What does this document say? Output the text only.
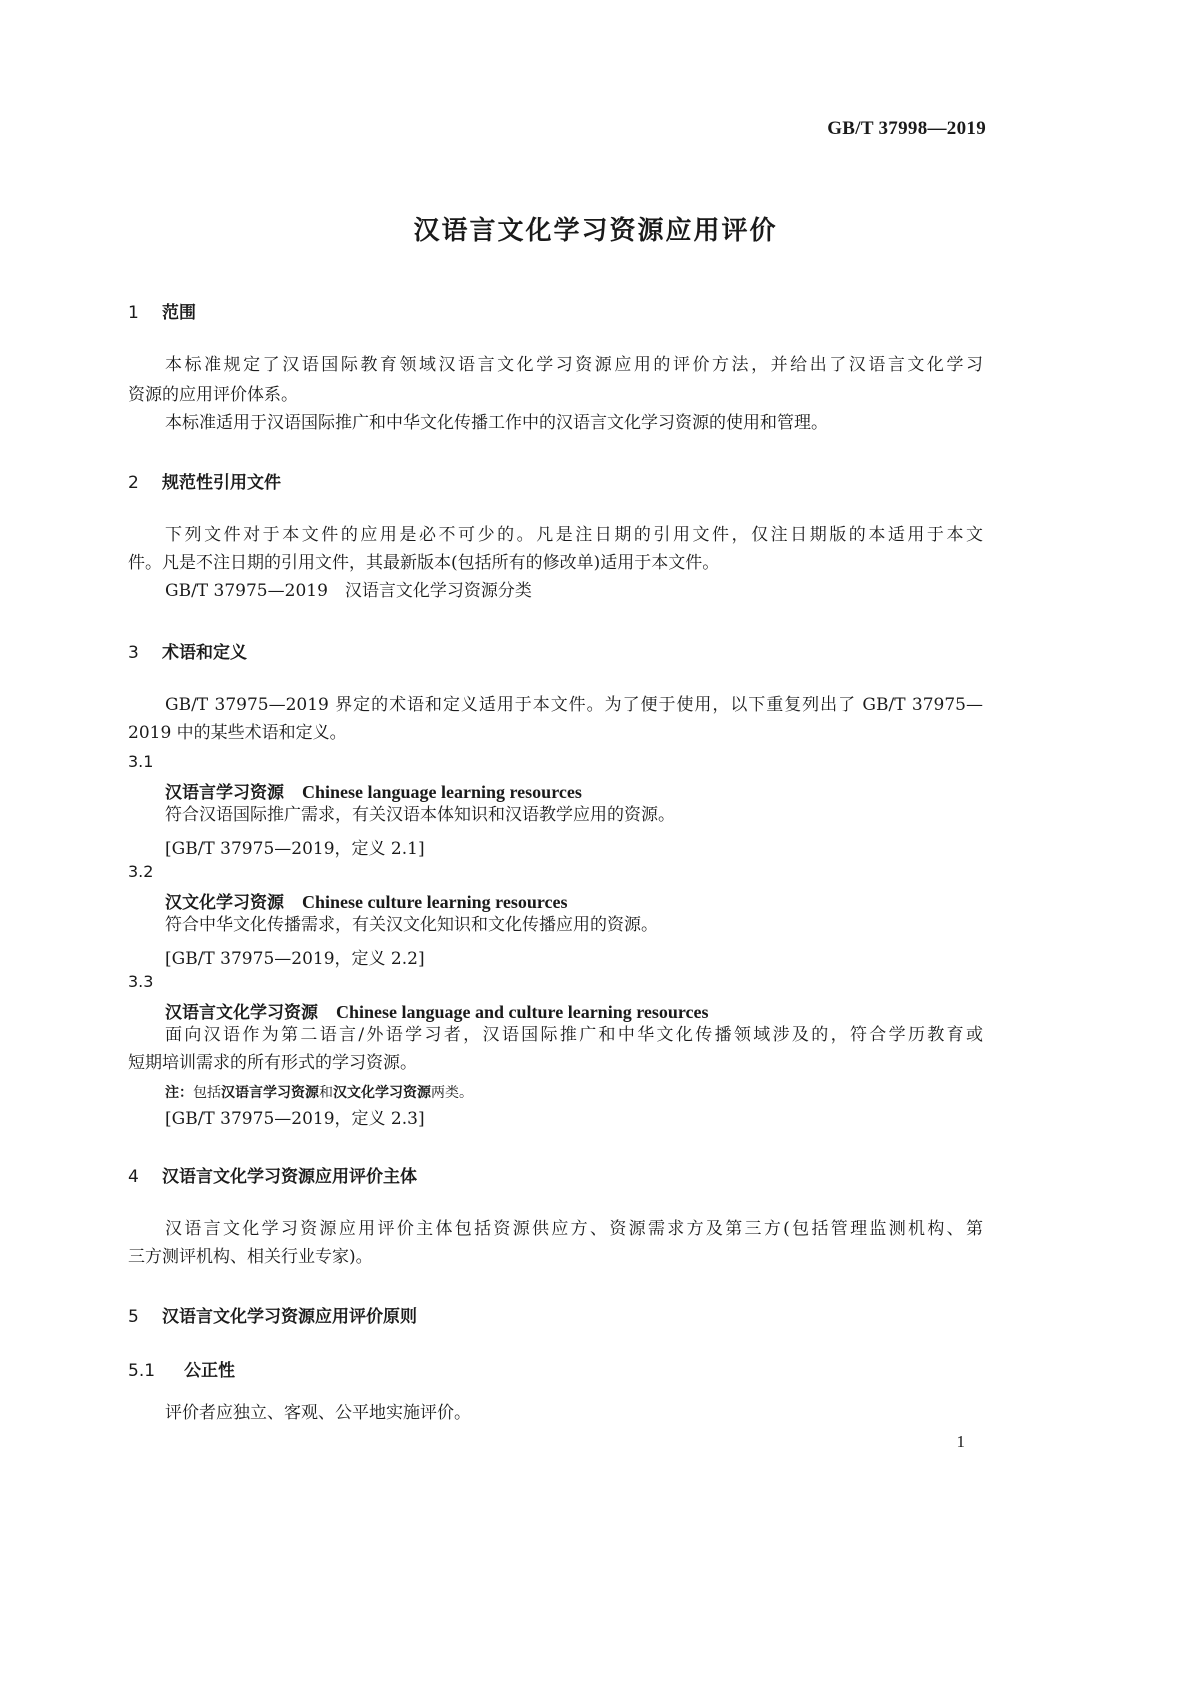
GB/T 37998—2019
汉语言文化学习资源应用评价
1 范围
本标准规定了汉语国际教育领域汉语言文化学习资源应用的评价方法，并给出了汉语言文化学习
资源的应用评价体系。
本标准适用于汉语国际推广和中华文化传播工作中的汉语言文化学习资源的使用和管理。
2 规范性引用文件
下列文件对于本文件的应用是必不可少的。凡是注日期的引用文件，仅注日期版的本适用于本文
件。凡是不注日期的引用文件，其最新版本(包括所有的修改单)适用于本文件。
GB/T 37975—2019　汉语言文化学习资源分类
3 术语和定义
GB/T 37975—2019 界定的术语和定义适用于本文件。为了便于使用，以下重复列出了 GB/T 37975—
2019 中的某些术语和定义。
3.1
汉语言学习资源 Chinese language learning resources
符合汉语国际推广需求，有关汉语本体知识和汉语教学应用的资源。
[GB/T 37975—2019，定义 2.1]
3.2
汉文化学习资源 Chinese culture learning resources
符合中华文化传播需求，有关汉文化知识和文化传播应用的资源。
[GB/T 37975—2019，定义 2.2]
3.3
汉语言文化学习资源 Chinese language and culture learning resources
面向汉语作为第二语言/外语学习者，汉语国际推广和中华文化传播领域涉及的，符合学历教育或
短期培训需求的所有形式的学习资源。
注：包括汉语言学习资源和汉文化学习资源两类。
[GB/T 37975—2019，定义 2.3]
4 汉语言文化学习资源应用评价主体
汉语言文化学习资源应用评价主体包括资源供应方、资源需求方及第三方(包括管理监测机构、第
三方测评机构、相关行业专家)。
5 汉语言文化学习资源应用评价原则
5.1 公正性
评价者应独立、客观、公平地实施评价。
1
